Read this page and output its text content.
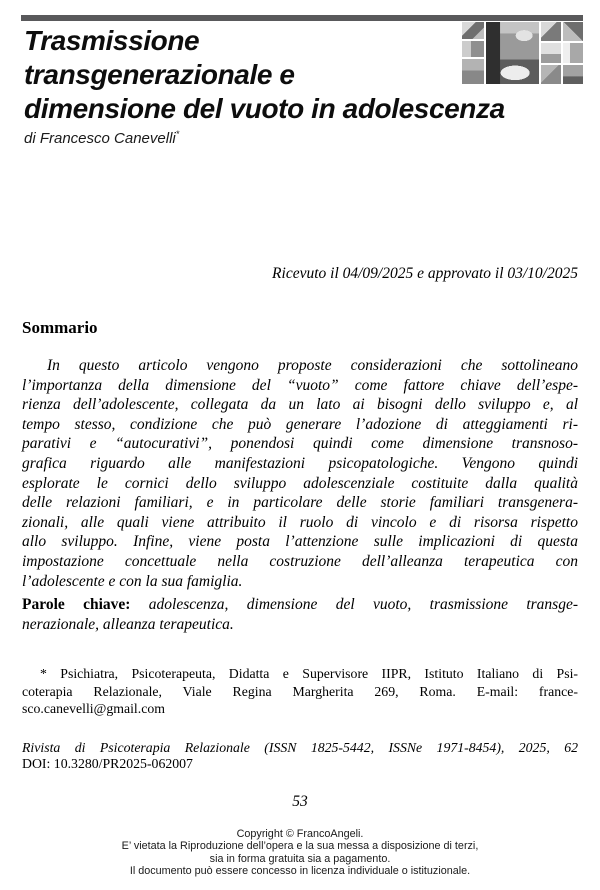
Trasmissione
transgenerazionale e
dimensione del vuoto in adolescenza
di Francesco Canevelli*
Ricevuto il 04/09/2025 e approvato il 03/10/2025
Sommario
In questo articolo vengono proposte considerazioni che sottolineano
l’importanza della dimensione del “vuoto” come fattore chiave dell’espe-
rienza dell’adolescente, collegata da un lato ai bisogni dello sviluppo e, al
tempo stesso, condizione che può generare l’adozione di atteggiamenti ri-
parativi e “autocurativi”, ponendosi quindi come dimensione transnoso-
grafica riguardo alle manifestazioni psicopatologiche. Vengono quindi
esplorate le cornici dello sviluppo adolescenziale costituite dalla qualità
delle relazioni familiari, e in particolare delle storie familiari transgenera-
zionali, alle quali viene attribuito il ruolo di vincolo e di risorsa rispetto
allo sviluppo. Infine, viene posta l’attenzione sulle implicazioni di questa
impostazione concettuale nella costruzione dell’alleanza terapeutica con
l’adolescente e con la sua famiglia.
Parole chiave: adolescenza, dimensione del vuoto, trasmissione transge-
nerazionale, alleanza terapeutica.
* Psichiatra, Psicoterapeuta, Didatta e Supervisore IIPR, Istituto Italiano di Psi-
coterapia Relazionale, Viale Regina Margherita 269, Roma. E-mail: france-
sco.canevelli@gmail.com
Rivista di Psicoterapia Relazionale (ISSN 1825-5442, ISSNe 1971-8454), 2025, 62
DOI: 10.3280/PR2025-062007
53
Copyright © FrancoAngeli.
E’ vietata la Riproduzione dell’opera e la sua messa a disposizione di terzi,
sia in forma gratuita sia a pagamento.
Il documento può essere concesso in licenza individuale o istituzionale.
